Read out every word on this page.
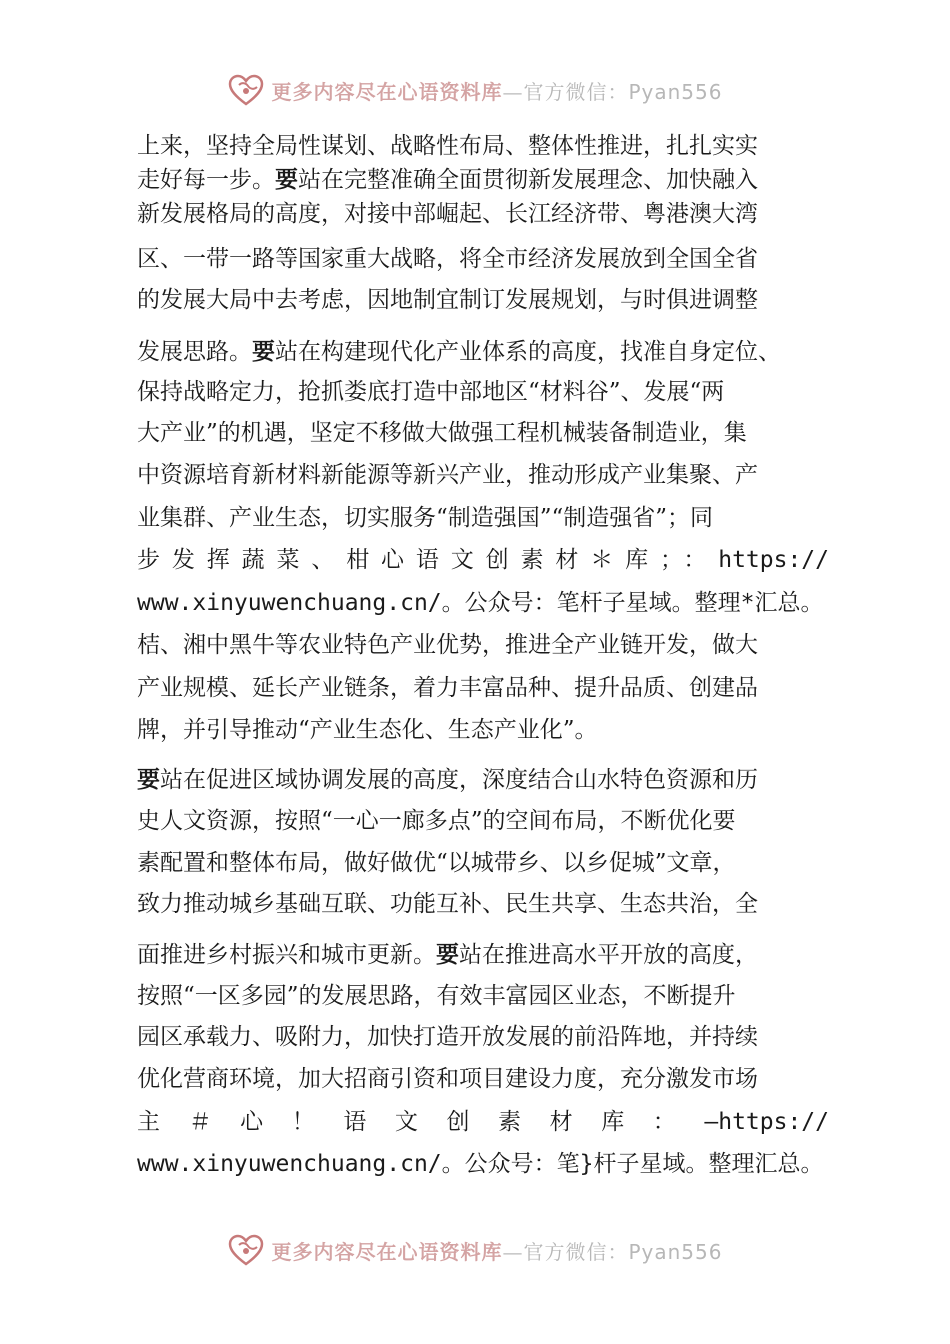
更多内容尽在心语资料库—官方微信：Pyan556
上来，坚持全局性谋划、战略性布局、整体性推进，扎扎实实
走好每一步。要站在完整准确全面贯彻新发展理念、加快融入
新发展格局的高度，对接中部崛起、长江经济带、粤港澳大湾
区、一带一路等国家重大战略，将全市经济发展放到全国全省
的发展大局中去考虑，因地制宜制订发展规划，与时俱进调整
发展思路。要站在构建现代化产业体系的高度，找准自身定位、
保持战略定力，抢抓娄底打造中部地区“材料谷”、发展“两
大产业”的机遇，坚定不移做大做强工程机械装备制造业，集
中资源培育新材料新能源等新兴产业，推动形成产业集聚、产
业集群、产业生态，切实服务“制造强国”“制造强省”；同
步发挥蔬菜、柑心语文创素材＊库；：https://
www.xinyuwenchuang.cn/。公众号：笔杆子星域。整理*汇总。
桔、湘中黑牛等农业特色产业优势，推进全产业链开发，做大
产业规模、延长产业链条，着力丰富品种、提升品质、创建品
牌，并引导推动“产业生态化、生态产业化”。
要站在促进区域协调发展的高度，深度结合山水特色资源和历
史人文资源，按照“一心一廊多点”的空间布局，不断优化要
素配置和整体布局，做好做优“以城带乡、以乡促城”文章，
致力推动城乡基础互联、功能互补、民生共享、生态共治，全
面推进乡村振兴和城市更新。要站在推进高水平开放的高度，
按照“一区多园”的发展思路，有效丰富园区业态，不断提升
园区承载力、吸附力，加快打造开放发展的前沿阵地，并持续
优化营商环境，加大招商引资和项目建设力度，充分激发市场
主＃心！语文创素材库：—https://
www.xinyuwenchuang.cn/。公众号：笔}杆子星域。整理汇总。
更多内容尽在心语资料库—官方微信：Pyan556
